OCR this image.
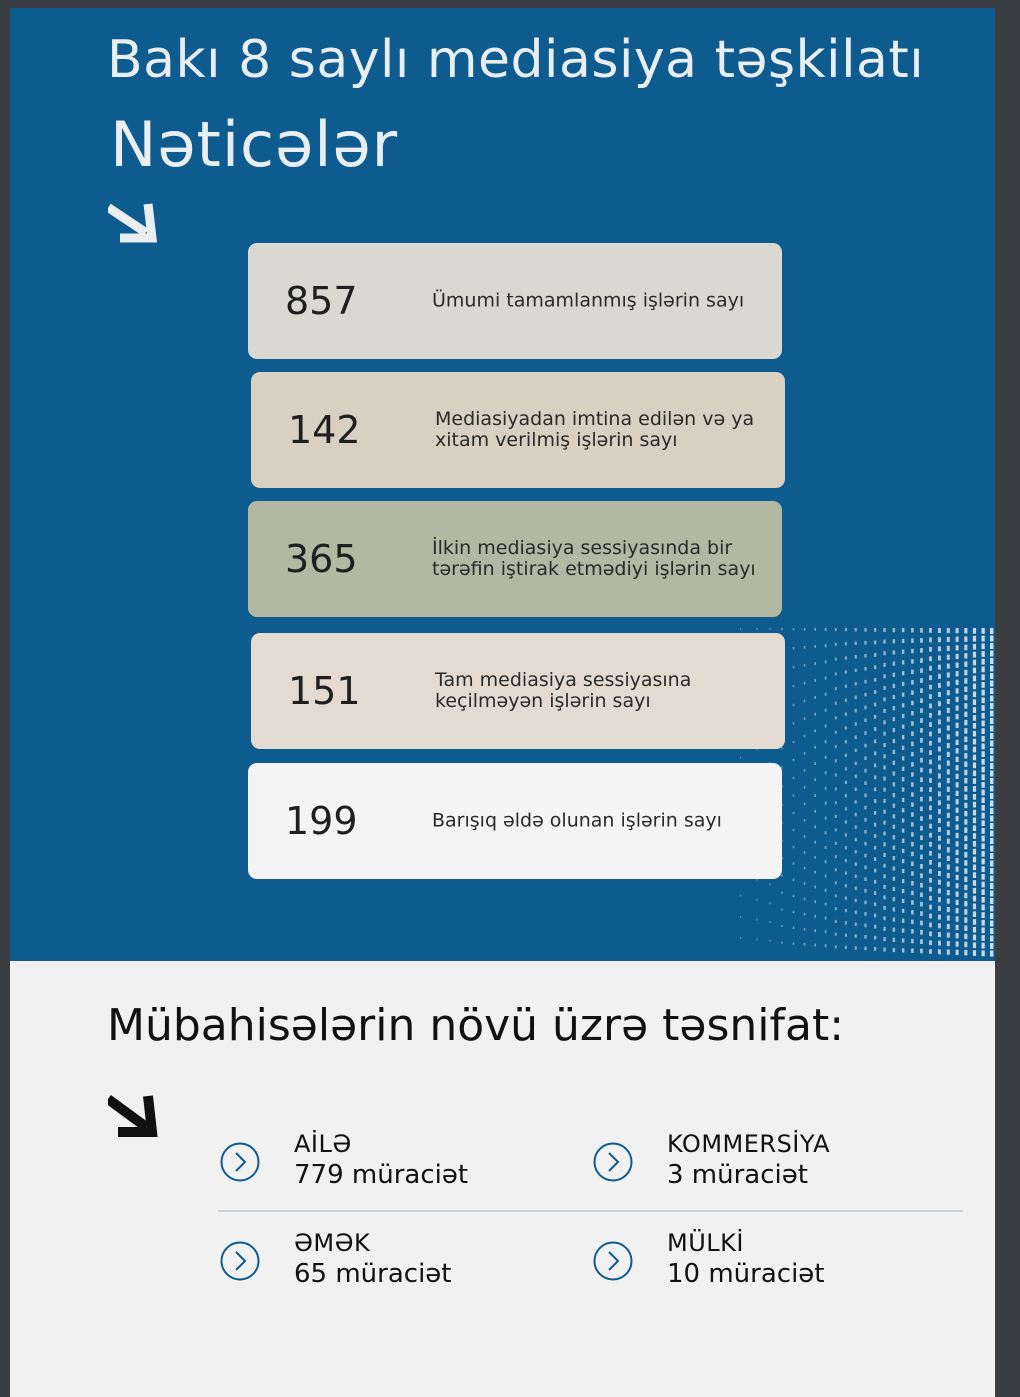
Bakı 8 saylı mediasiya təşkilatı
Nəticələr
857	Ümumi tamamlanmış işlərin sayı
142	Mediasiyadan imtina edilən və ya xitam verilmiş işlərin sayı
365	İlkin mediasiya sessiyasında bir tərəfin iştirak etmədiyi işlərin sayı
151	Tam mediasiya sessiyasına keçilməyən işlərin sayı
199	Barışıq əldə olunan işlərin sayı
Mübahisələrin növü üzrə təsnifat:
AİLƏ
779 müraciət
KOMMERSİYA
3 müraciət
ƏMƏK
65 müraciət
MÜLKİ
10 müraciət
